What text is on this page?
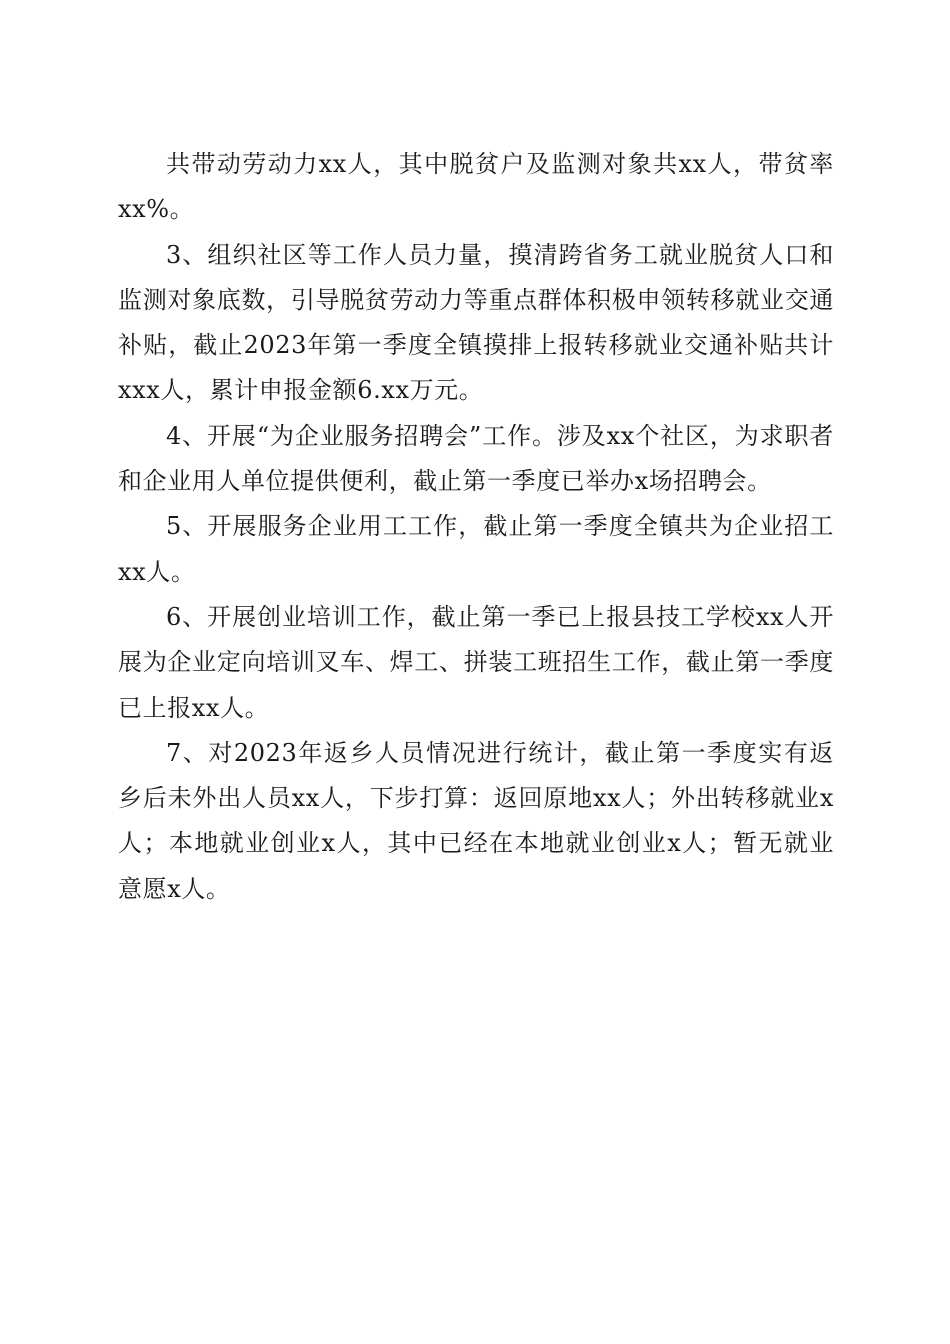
共带动劳动力xx人，其中脱贫户及监测对象共xx人，带贫率xx%。

3、组织社区等工作人员力量，摸清跨省务工就业脱贫人口和监测对象底数，引导脱贫劳动力等重点群体积极申领转移就业交通补贴，截止2023年第一季度全镇摸排上报转移就业交通补贴共计xxx人，累计申报金额6.xx万元。

4、开展“为企业服务招聘会”工作。涉及xx个社区，为求职者和企业用人单位提供便利，截止第一季度已举办x场招聘会。

5、开展服务企业用工工作，截止第一季度全镇共为企业招工xx人。

6、开展创业培训工作，截止第一季已上报县技工学校xx人开展为企业定向培训叉车、焊工、拼装工班招生工作，截止第一季度已上报xx人。

7、对2023年返乡人员情况进行统计，截止第一季度实有返乡后未外出人员xx人，下步打算：返回原地xx人；外出转移就业x人；本地就业创业x人，其中已经在本地就业创业x人；暂无就业意愿x人。
